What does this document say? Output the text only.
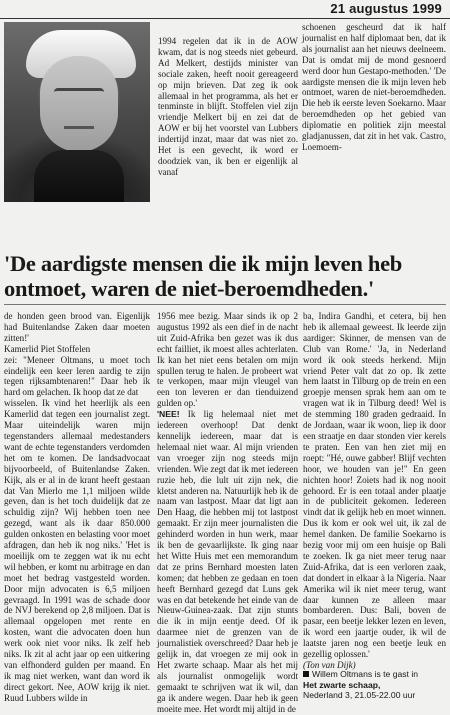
21 augustus 1999

1994 regelen dat ik in de AOW kwam, dat is nog steeds niet gebeurd. Ad Melkert, destijds minister van sociale zaken, heeft nooit gereageerd op mijn brieven. Dat zeg ik ook allemaal in het programma, als het er tenminste in blijft. Stoffelen viel zijn vriendje Melkert bij en zei dat de AOW er bij het voorstel van Lubbers indertijd inzat, maar dat was niet zo. Het is een gevecht, ik word er doodziek van, ik ben er eigenlijk al vanaf

schoenen gescheurd dat ik half journalist en half diplomaat ben, dat ik als journalist aan het nieuws deelneem. Dat is omdat mij de mond gesnoerd werd door hun Gestapo-methoden.' 'De aardigste mensen die ik mijn leven heb ontmoet, waren de niet-beroemdheden. Die heb ik eerste leven Soekarno. Maar beroemdheden op het gebied van diplomatie en politiek zijn meestal gladjanussen, dat zit in het vak. Castro, Loemoem-

'De aardigste mensen die ik mijn leven heb ontmoet, waren de niet-beroemdheden.'

de honden geen brood van. Eigenlijk had Buitenlandse Zaken daar moeten zitten!'

Kamerlid Piet Stoffelen

zei: "Meneer Oltmans, u moet toch eindelijk een keer leren aardig te zijn tegen rijksambtenaren!" Daar heb ik hard om gelachen. Ik hoop dat ze dat

wisselen. Ik vind het heerlijk als een Kamerlid dat tegen een journalist zegt. Maar uiteindelijk waren mijn tegenstanders allemaal medestanders want de echte tegenstanders verdomden het om te komen. De landsadvocaat bijvoorbeeld, of Buitenlandse Zaken. Kijk, als er al in de krant heeft gestaan dat Van Mierlo me 1,1 miljoen wilde geven, dan is het toch duidelijk dat ze schuldig zijn? Wij hebben toen nee gezegd, want als ik daar 850.000 gulden onkosten en belasting voor moet afdragen, dan heb ik nog niks.' 'Het is moeilijk om te zeggen wat ik nu echt wil hebben, er komt nu arbitrage en dan moet het bedrag vastgesteld worden. Door mijn advocaten is 6,5 miljoen gevraagd. In 1991 was de schade door de NVJ berekend op 2,8 miljoen. Dat is allemaal opgelopen met rente en kosten, want die advocaten doen hun werk ook niet voor niks. Ik zelf heb niks. Ik zit al acht jaar op een uitkering van elfhonderd gulden per maand. En ik mag niet werken, want dan word ik direct gekort. Nee, AOW krijg ik niet. Ruud Lubbers wilde in

1956 mee bezig. Maar sinds ik op 2 augustus 1992 als een dief in de nacht uit Zuid-Afrika ben gezet was ik dus echt failliet, ik moest alles achterlaten. Ik kan het niet eens betalen om mijn spullen terug te halen. Je probeert wat te verkopen, maar mijn vleugel van een ton leveren er dan tienduizend gulden op.'

'NEE! Ik lig helemaal niet met iedereen overhoop! Dat denkt kennelijk iedereen, maar dat is helemaal niet waar. Al mijn vrienden van vroeger zijn nog steeds mijn vrienden. Wie zegt dat ik met iedereen ruzie heb, die lult uit zijn nek, die kletst anderen na. Natuurlijk heb ik de naam van lastpost. Maar dat ligt aan Den Haag, die hebben mij tot lastpost gemaakt. Er zijn meer journalisten die gehinderd worden in hun werk, maar ik ben de gevaarlijkste. Ik ging naar het Witte Huis met een memorandum dat ze prins Bernhard moesten laten komen; dat hebben ze gedaan en toen heeft Bernhard gezegd dat Luns gek was en dat betekende het einde van de Nieuw-Guinea-zaak. Dat zijn stunts die ik in mijn eentje deed. Of ik daarmee niet de grenzen van de journalistiek overschreed? Daar heb je gelijk in, dat vroegen ze mij ook in Het zwarte schaap. Maar als het mij als journalist onmogelijk wordt gemaakt te schrijven wat ik wil, dan ga ik andere wegen. Daar heb ik geen moeite mee. Het wordt mij altijd in de

ba, Indira Gandhi, et cetera, bij hen heb ik allemaal geweest. Ik leerde zijn aardiger: Skinner, de mensen van de Club van Rome.' 'Ja, in Nederland word ik ook steeds herkend. Mijn vriend Peter valt dat zo op. Ik zette hem laatst in Tilburg op de trein en een groepje mensen sprak hem aan om te vragen wat ik in Tilburg deed! Wel is de stemming 180 graden gedraaid. In de Jordaan, waar ik woon, liep ik door een straatje en daar stonden vier kerels te praten. Een van hen ziet mij en roept: "Hé, ouwe gabber! Blijf vechten hoor, we houden van je!" En geen nichten hoor! Zoiets had ik nog nooit gehoord. Er is een totaal ander plaatje in de publiciteit gekomen. Iedereen vindt dat ik gelijk heb en moet winnen. Dus ik kom er ook wel uit, ik zal de hemel danken. De familie Soekarno is bezig voor mij om een huisje op Bali te zoeken. Ik ga niet meer terug naar Zuid-Afrika, dat is een verloren zaak, dat dondert in elkaar à la Nigeria. Naar Amerika wil ik niet meer terug, want daar kunnen ze alleen maar bombarderen. Dus: Bali, boven de pasar, een beetje lekker lezen en leven, ik word een jaartje ouder, ik wil de laatste jaren nog een beetje leuk en gezellig oplossen.'

(Ton van Dijk)

Willem Oltmans is te gast in
Het zwarte schaap,
Nederland 3, 21.05-22.00 uur
